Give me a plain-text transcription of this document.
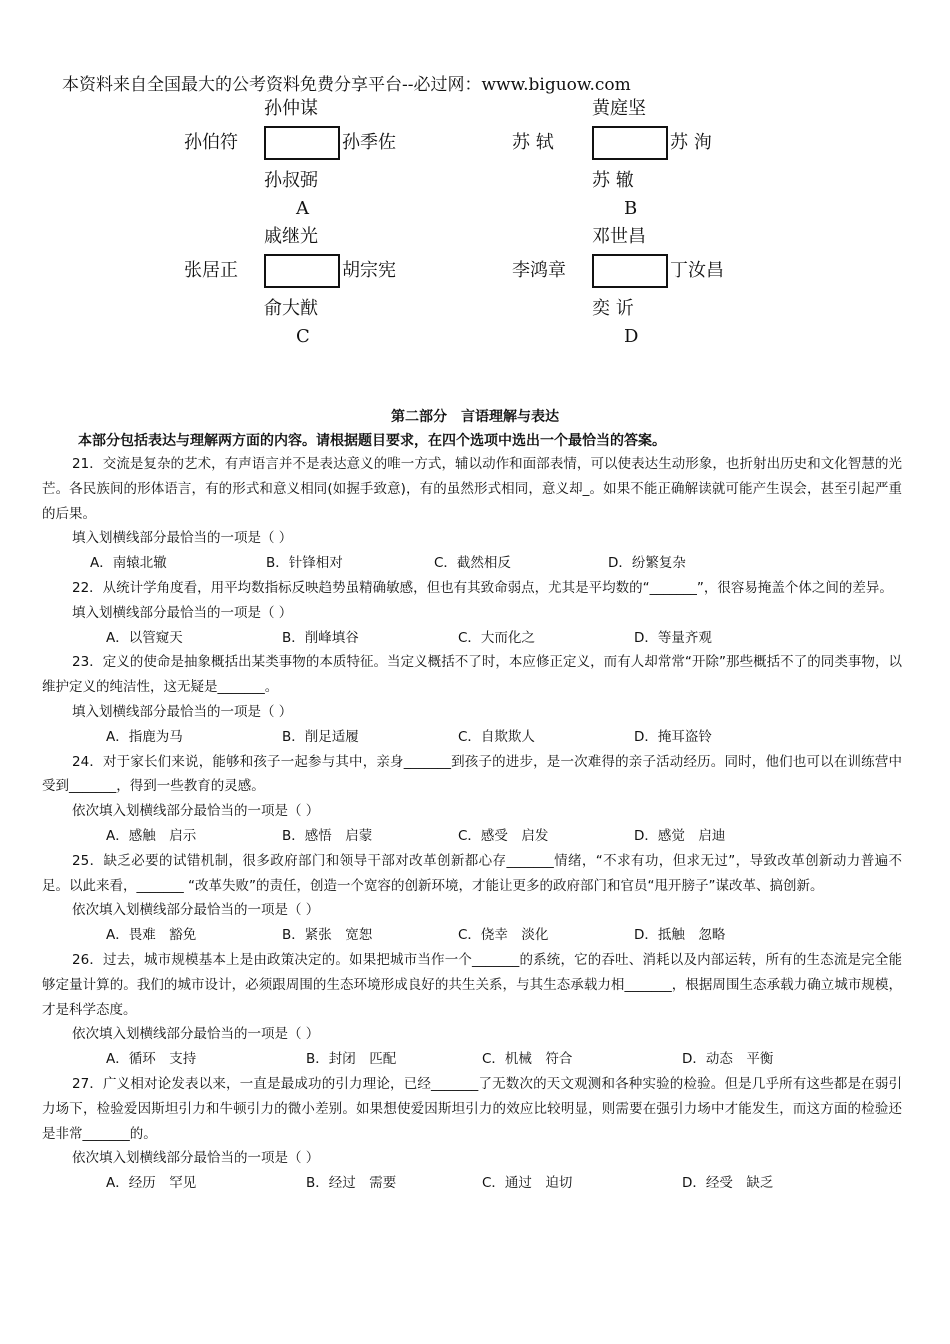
本资料来自全国最大的公考资料免费分享平台--必过网：www.biguow.com
孙仲谋
孙伯符	孙季佐
孙叔弼
A
黄庭坚
苏 轼	苏 洵
苏 辙
B
戚继光
张居正	胡宗宪
俞大猷
C
邓世昌
李鸿章	丁汝昌
奕 䜣
D
第二部分　言语理解与表达
本部分包括表达与理解两方面的内容。请根据题目要求，在四个选项中选出一个最恰当的答案。
21．交流是复杂的艺术，有声语言并不是表达意义的唯一方式，辅以动作和面部表情，可以使表达生动形象，也折射出历史和文化智慧的光芒。各民族间的形体语言，有的形式和意义相同(如握手致意)，有的虽然形式相同，意义却_。如果不能正确解读就可能产生误会，甚至引起严重的后果。
填入划横线部分最恰当的一项是（ ）
A．南辕北辙	B．针锋相对	C．截然相反	D．纷繁复杂
22．从统计学角度看，用平均数指标反映趋势虽精确敏感，但也有其致命弱点，尤其是平均数的“_______”，很容易掩盖个体之间的差异。
填入划横线部分最恰当的一项是（ ）
A．以管窥天	B．削峰填谷	C．大而化之	D．等量齐观
23．定义的使命是抽象概括出某类事物的本质特征。当定义概括不了时，本应修正定义，而有人却常常“开除”那些概括不了的同类事物，以维护定义的纯洁性，这无疑是_______。
填入划横线部分最恰当的一项是（ ）
A．指鹿为马	B．削足适履	C．自欺欺人	D．掩耳盗铃
24．对于家长们来说，能够和孩子一起参与其中，亲身_______到孩子的进步，是一次难得的亲子活动经历。同时，他们也可以在训练营中受到_______，得到一些教育的灵感。
依次填入划横线部分最恰当的一项是（ ）
A．感触　启示	B．感悟　启蒙	C．感受　启发	D．感觉　启迪
25．缺乏必要的试错机制，很多政府部门和领导干部对改革创新都心存_______情绪，“不求有功，但求无过”，导致改革创新动力普遍不足。以此来看，_______ “改革失败”的责任，创造一个宽容的创新环境，才能让更多的政府部门和官员“甩开膀子”谋改革、搞创新。
依次填入划横线部分最恰当的一项是（ ）
A．畏难　豁免	B．紧张　宽恕	C．侥幸　淡化	D．抵触　忽略
26．过去，城市规模基本上是由政策决定的。如果把城市当作一个_______的系统，它的吞吐、消耗以及内部运转，所有的生态流是完全能够定量计算的。我们的城市设计，必须跟周围的生态环境形成良好的共生关系，与其生态承载力相_______，根据周围生态承载力确立城市规模，才是科学态度。
依次填入划横线部分最恰当的一项是（ ）
A．循环　支持	B．封闭　匹配	C．机械　符合	D．动态　平衡
27．广义相对论发表以来，一直是最成功的引力理论，已经_______了无数次的天文观测和各种实验的检验。但是几乎所有这些都是在弱引力场下，检验爱因斯坦引力和牛顿引力的微小差别。如果想使爱因斯坦引力的效应比较明显，则需要在强引力场中才能发生，而这方面的检验还是非常_______的。
依次填入划横线部分最恰当的一项是（ ）
A．经历　罕见	B．经过　需要	C．通过　迫切	D．经受　缺乏
